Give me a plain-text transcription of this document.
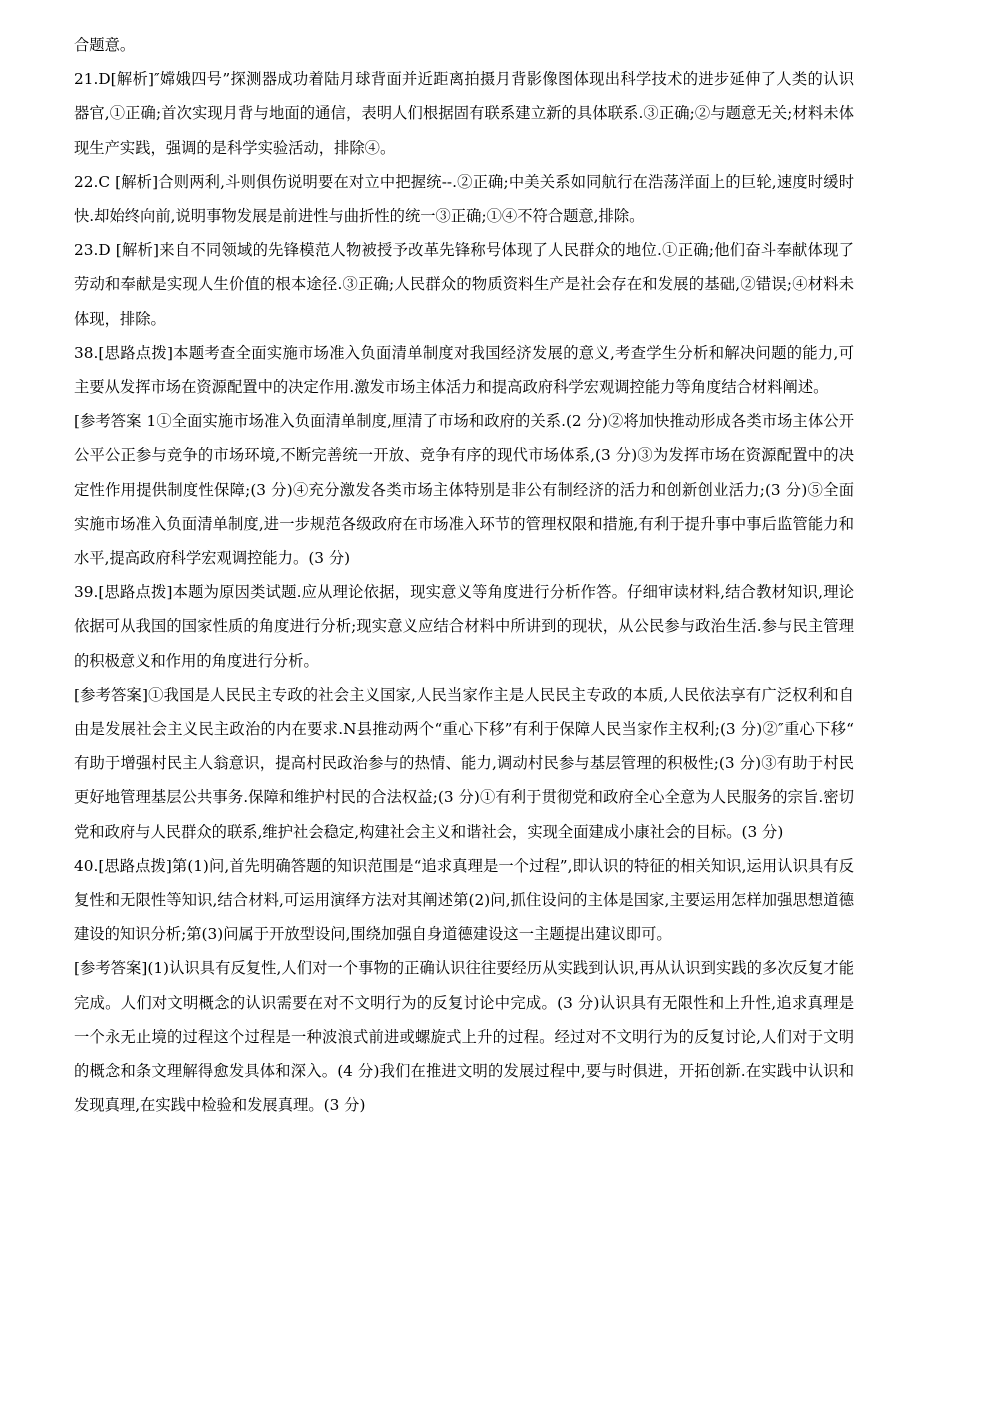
合题意。

21.D[解析]″嫦娥四号”探测器成功着陆月球背面并近距离拍摄月背影像图体现出科学技术的进步延伸了人类的认识器官,①正确;首次实现月背与地面的通信，表明人们根据固有联系建立新的具体联系.③正确;②与题意无关;材料未体现生产实践，强调的是科学实验活动，排除④。

22.C [解析]合则两利,斗则俱伤说明要在对立中把握统--.②正确;中美关系如同航行在浩荡洋面上的巨轮,速度时缓时快.却始终向前,说明事物发展是前进性与曲折性的统一③正确;①④不符合题意,排除。

23.D [解析]来自不同领域的先锋模范人物被授予改革先锋称号体现了人民群众的地位.①正确;他们奋斗奉献体现了劳动和奉献是实现人生价值的根本途径.③正确;人民群众的物质资料生产是社会存在和发展的基础,②错误;④材料未体现，排除。

38.[思路点拨]本题考查全面实施市场准入负面清单制度对我国经济发展的意义,考查学生分析和解决问题的能力,可主要从发挥市场在资源配置中的决定作用.激发市场主体活力和提高政府科学宏观调控能力等角度结合材料阐述。

[参考答案 1①全面实施市场准入负面清单制度,厘清了市场和政府的关系.(2 分)②将加快推动形成各类市场主体公开公平公正参与竞争的市场环境,不断完善统一开放、竞争有序的现代市场体系,(3 分)③为发挥市场在资源配置中的决定性作用提供制度性保障;(3 分)④充分激发各类市场主体特别是非公有制经济的活力和创新创业活力;(3 分)⑤全面实施市场准入负面清单制度,进一步规范各级政府在市场准入环节的管理权限和措施,有利于提升事中事后监管能力和水平,提高政府科学宏观调控能力。(3 分)

39.[思路点拨]本题为原因类试题.应从理论依据，现实意义等角度进行分析作答。仔细审读材料,结合教材知识,理论依据可从我国的国家性质的角度进行分析;现实意义应结合材料中所讲到的现状，从公民参与政治生活.参与民主管理的积极意义和作用的角度进行分析。

[参考答案]①我国是人民民主专政的社会主义国家,人民当家作主是人民民主专政的本质,人民依法享有广泛权利和自由是发展社会主义民主政治的内在要求.N县推动两个“重心下移”有利于保障人民当家作主权利;(3 分)②″重心下移“有助于增强村民主人翁意识，提高村民政治参与的热情、能力,调动村民参与基层管理的积极性;(3 分)③有助于村民更好地管理基层公共事务.保障和维护村民的合法权益;(3 分)①有利于贯彻党和政府全心全意为人民服务的宗旨.密切党和政府与人民群众的联系,维护社会稳定,构建社会主义和谐社会，实现全面建成小康社会的目标。(3 分)

40.[思路点拨]第(1)问,首先明确答题的知识范围是“追求真理是一个过程”,即认识的特征的相关知识,运用认识具有反复性和无限性等知识,结合材料,可运用演绎方法对其阐述第(2)问,抓住设问的主体是国家,主要运用怎样加强思想道德建设的知识分析;第(3)问属于开放型设问,围绕加强自身道德建设这一主题提出建议即可。

[参考答案](1)认识具有反复性,人们对一个事物的正确认识往往要经历从实践到认识,再从认识到实践的多次反复才能完成。人们对文明概念的认识需要在对不文明行为的反复讨论中完成。(3 分)认识具有无限性和上升性,追求真理是一个永无止境的过程这个过程是一种波浪式前进或螺旋式上升的过程。经过对不文明行为的反复讨论,人们对于文明的概念和条文理解得愈发具体和深入。(4 分)我们在推进文明的发展过程中,要与时俱进，开拓创新.在实践中认识和发现真理,在实践中检验和发展真理。(3 分)
